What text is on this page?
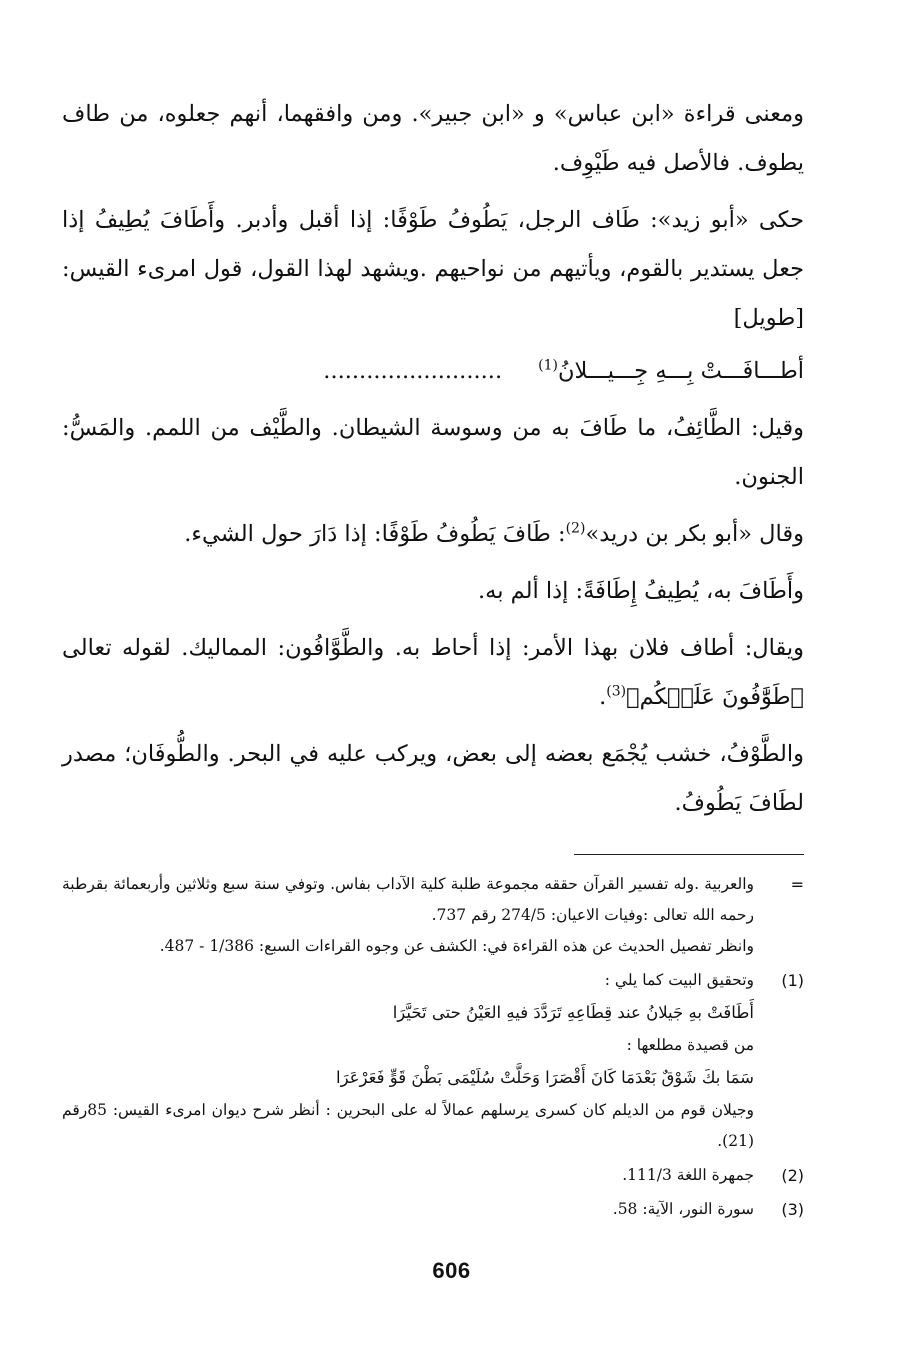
ومعنى قراءة «ابن عباس» و «ابن جبير». ومن وافقهما، أنهم جعلوه، من طاف يطوف. فالأصل فيه طَيْوِف.

حكى «أبو زيد»: طَاف الرجل، يَطُوفُ طَوْفًا: إذا أقبل وأدبر. وأَطَافَ يُطِيفُ إذا جعل يستدير بالقوم، ويأتيهم من نواحيهم .ويشهد لهذا القول، قول امرىء القيس: [طويل]

أطـــافَـــتْ بِـــهِ جِـــيـــلانُ$^{(1)}$.........................

وقيل: الطَّائِفُ، ما طَافَ به من وسوسة الشيطان. والطَّيْف من اللمم. والمَسُّ: الجنون.

وقال «أبو بكر بن دريد»$^{(2)}$: طَافَ يَطُوفُ طَوْفًا: إذا دَارَ حول الشيء.

وأَطَافَ به، يُطِيفُ إِطَافَةً: إذا ألم به.

ويقال: أطاف فلان بهذا الأمر: إذا أحاط به. والطَّوَّافُون: المماليك. لقوله تعالى ﴿طَوَّٰفُونَ عَلَيۡكُم﴾$^{(3)}$.

والطَّوْفُ، خشب يُجْمَع بعضه إلى بعض، ويركب عليه في البحر. والطُّوفَان؛ مصدر لطَافَ يَطُوفُ.

=
والعربية .وله تفسير القرآن حققه مجموعة طلبة كلية الآداب بفاس. وتوفي سنة سبع وثلاثين وأربعمائة بقرطبة رحمه الله تعالى :وفيات الاعيان: 274/5 رقم 737.
وانظر تفصيل الحديث عن هذه القراءة في: الكشف عن وجوه القراءات السبع: 1/386 - 487.
(1)
وتحقيق البيت كما يلي :
أَطَافَتْ بهِ جَيلانُ عند قِطَاعِهِ تَرَدَّدَ فيهِ العَيْنُ حتى تَحَيَّرَا
من قصيدة مطلعها :
سَمَا بكَ شَوْقٌ بَعْدَمَا كَانَ أَقْصَرَا وَحَلَّتْ سُلَيْمَى بَطْنَ قَوٍّ فَعَرْعَرَا
وجيلان قوم من الديلم كان كسرى يرسلهم عمالاً له على البحرين : أنظر شرح ديوان امرىء القيس: 85رقم (21).
(2)
جمهرة اللغة 111/3.
(3)
سورة النور، الآية: 58.
606
